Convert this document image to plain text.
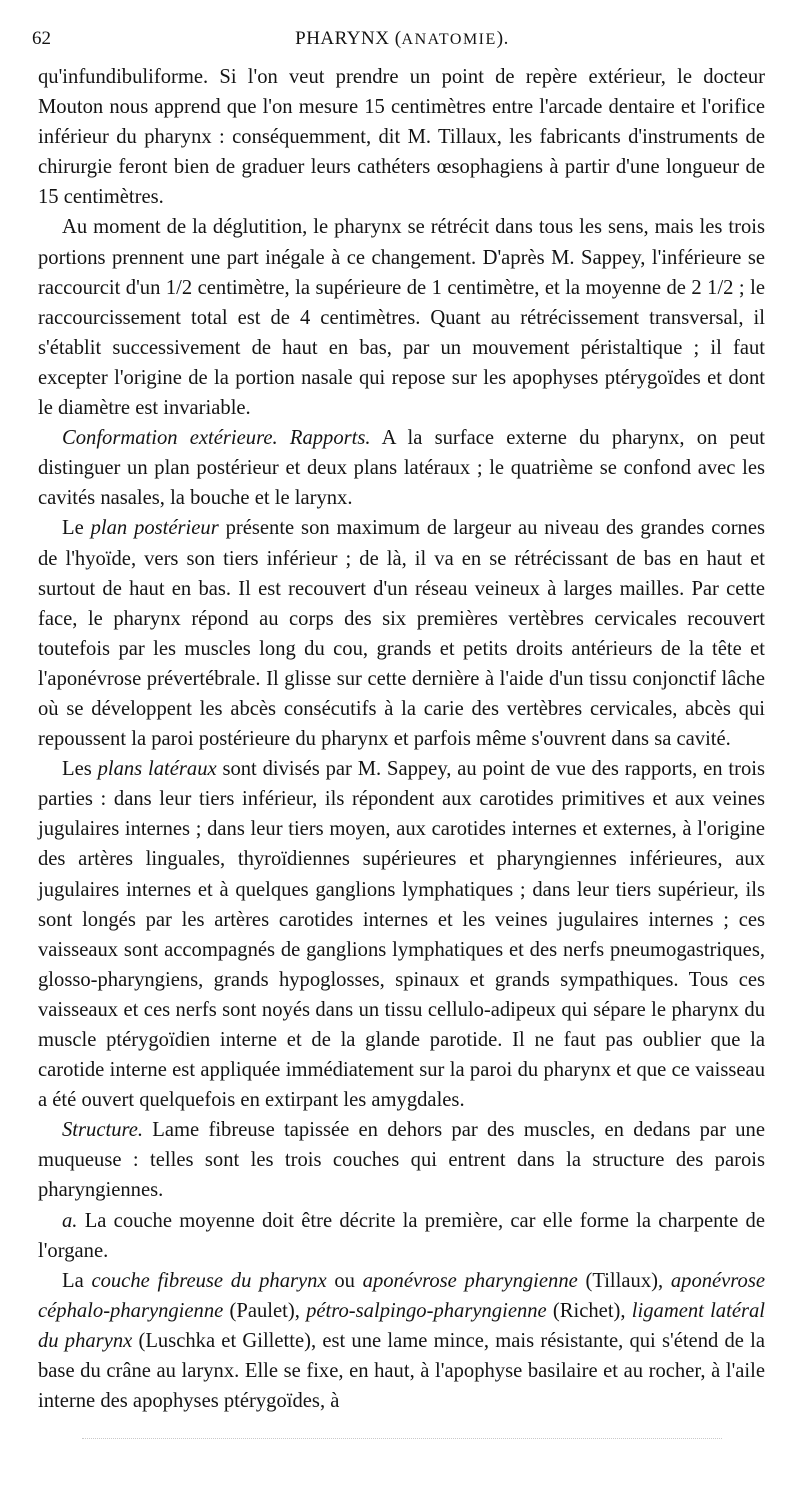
62	PHARYNX (ANATOMIE).

qu'infundibuliforme. Si l'on veut prendre un point de repère extérieur, le docteur Mouton nous apprend que l'on mesure 15 centimètres entre l'arcade dentaire et l'orifice inférieur du pharynx : conséquemment, dit M. Tillaux, les fabricants d'instruments de chirurgie feront bien de graduer leurs cathéters œsophagiens à partir d'une longueur de 15 centimètres.

Au moment de la déglutition, le pharynx se rétrécit dans tous les sens, mais les trois portions prennent une part inégale à ce changement. D'après M. Sappey, l'inférieure se raccourcit d'un 1/2 centimètre, la supérieure de 1 centimètre, et la moyenne de 2 1/2 ; le raccourcissement total est de 4 centimètres. Quant au rétrécissement transversal, il s'établit successivement de haut en bas, par un mouvement péristaltique ; il faut excepter l'origine de la portion nasale qui repose sur les apophyses ptérygoïdes et dont le diamètre est invariable.

Conformation extérieure. Rapports. A la surface externe du pharynx, on peut distinguer un plan postérieur et deux plans latéraux ; le quatrième se confond avec les cavités nasales, la bouche et le larynx.

Le plan postérieur présente son maximum de largeur au niveau des grandes cornes de l'hyoïde, vers son tiers inférieur ; de là, il va en se rétrécissant de bas en haut et surtout de haut en bas. Il est recouvert d'un réseau veineux à larges mailles. Par cette face, le pharynx répond au corps des six premières vertèbres cervicales recouvert toutefois par les muscles long du cou, grands et petits droits antérieurs de la tête et l'aponévrose prévertébrale. Il glisse sur cette dernière à l'aide d'un tissu conjonctif lâche où se développent les abcès consécutifs à la carie des vertèbres cervicales, abcès qui repoussent la paroi postérieure du pharynx et parfois même s'ouvrent dans sa cavité.

Les plans latéraux sont divisés par M. Sappey, au point de vue des rapports, en trois parties : dans leur tiers inférieur, ils répondent aux carotides primitives et aux veines jugulaires internes ; dans leur tiers moyen, aux carotides internes et externes, à l'origine des artères linguales, thyroïdiennes supérieures et pharyngiennes inférieures, aux jugulaires internes et à quelques ganglions lymphatiques ; dans leur tiers supérieur, ils sont longés par les artères carotides internes et les veines jugulaires internes ; ces vaisseaux sont accompagnés de ganglions lymphatiques et des nerfs pneumogastriques, glosso-pharyngiens, grands hypoglosses, spinaux et grands sympathiques. Tous ces vaisseaux et ces nerfs sont noyés dans un tissu cellulo-adipeux qui sépare le pharynx du muscle ptérygoïdien interne et de la glande parotide. Il ne faut pas oublier que la carotide interne est appliquée immédiatement sur la paroi du pharynx et que ce vaisseau a été ouvert quelquefois en extirpant les amygdales.

Structure. Lame fibreuse tapissée en dehors par des muscles, en dedans par une muqueuse : telles sont les trois couches qui entrent dans la structure des parois pharyngiennes.

a. La couche moyenne doit être décrite la première, car elle forme la charpente de l'organe.

La couche fibreuse du pharynx ou aponévrose pharyngienne (Tillaux), aponévrose céphalo-pharyngienne (Paulet), pétro-salpingo-pharyngienne (Richet), ligament latéral du pharynx (Luschka et Gillette), est une lame mince, mais résistante, qui s'étend de la base du crâne au larynx. Elle se fixe, en haut, à l'apophyse basilaire et au rocher, à l'aile interne des apophyses ptérygoïdes, à
